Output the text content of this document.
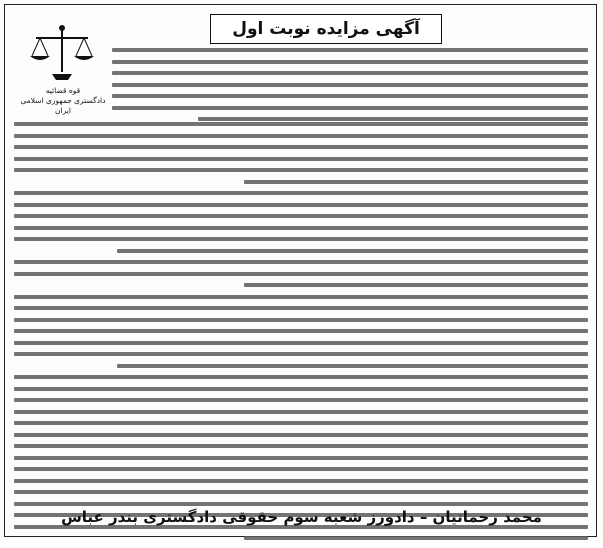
آگهی مزایده نوبت اول
قوه قضائیه
دادگستری جمهوری اسلامی ایران
محمد رحمانیان – دادورز شعبه سوم حقوقی دادگستری بندر عباس
